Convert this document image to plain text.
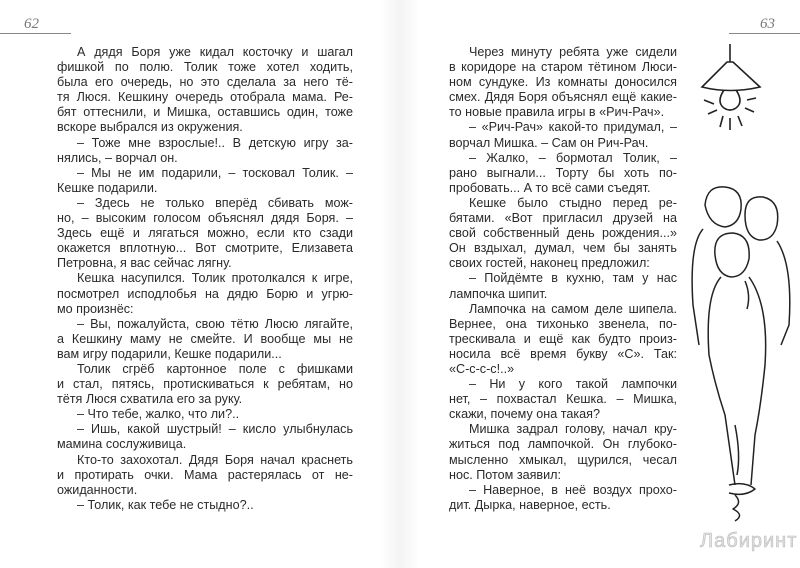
62	63
А дядя Боря уже кидал косточку и шагал
фишкой по полю. Толик тоже хотел ходить,
была его очередь, но это сделала за него тё-
тя Люся. Кешкину очередь отобрала мама. Ре-
бят оттеснили, и Мишка, оставшись один, тоже
вскоре выбрался из окружения.
– Тоже мне взрослые!.. В детскую игру за-
нялись, – ворчал он.
– Мы не им подарили, – тосковал Толик. –
Кешке подарили.
– Здесь не только вперёд сбивать мож-
но, – высоким голосом объяснял дядя Боря. –
Здесь ещё и лягаться можно, если кто сзади
окажется вплотную... Вот смотрите, Елизавета
Петровна, я вас сейчас лягну.
Кешка насупился. Толик протолкался к игре,
посмотрел исподлобья на дядю Борю и угрю-
мо произнёс:
– Вы, пожалуйста, свою тётю Люсю лягайте,
а Кешкину маму не смейте. И вообще мы не
вам игру подарили, Кешке подарили...
Толик сгрёб картонное поле с фишками
и стал, пятясь, протискиваться к ребятам, но
тётя Люся схватила его за руку.
– Что тебе, жалко, что ли?..
– Ишь, какой шустрый! – кисло улыбнулась
мамина сослуживица.
Кто-то захохотал. Дядя Боря начал краснеть
и протирать очки. Мама растерялась от не-
ожиданности.
– Толик, как тебе не стыдно?..
Через минуту ребята уже сидели
в коридоре на старом тётином Люси-
ном сундуке. Из комнаты доносился
смех. Дядя Боря объяснял ещё какие-
то новые правила игры в «Рич-Рач».
– «Рич-Рач» какой-то придумал, –
ворчал Мишка. – Сам он Рич-Рач.
– Жалко, – бормотал Толик, –
рано выгнали... Торту бы хоть по-
пробовать... А то всё сами съедят.
Кешке было стыдно перед ре-
бятами. «Вот пригласил друзей на
свой собственный день рождения...»
Он вздыхал, думал, чем бы занять
своих гостей, наконец предложил:
– Пойдёмте в кухню, там у нас
лампочка шипит.
Лампочка на самом деле шипела.
Вернее, она тихонько звенела, по-
трескивала и ещё как будто произ-
носила всё время букву «С». Так:
«С-с-с-с!..»
– Ни у кого такой лампочки
нет, – похвастал Кешка. – Мишка,
скажи, почему она такая?
Мишка задрал голову, начал кру-
житься под лампочкой. Он глубоко-
мысленно хмыкал, щурился, чесал
нос. Потом заявил:
– Наверное, в неё воздух прохо-
дит. Дырка, наверное, есть.
Лабиринт
